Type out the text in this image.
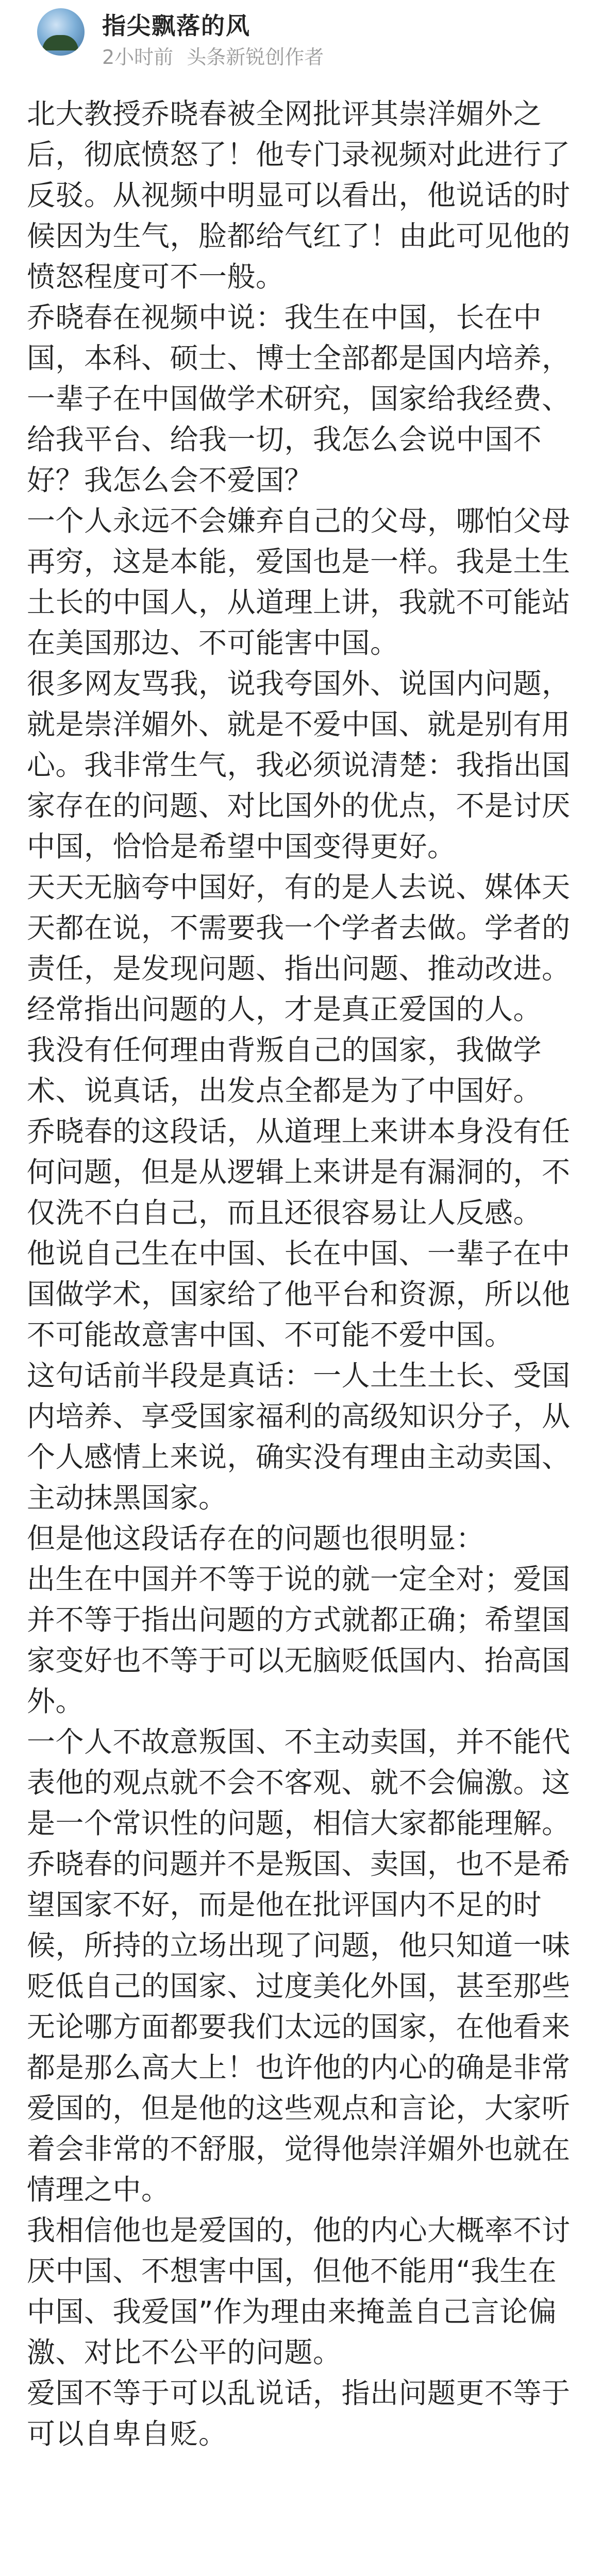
指尖飘落的风
2小时前 头条新锐创作者

北大教授乔晓春被全网批评其崇洋媚外之后，彻底愤怒了！他专门录视频对此进行了反驳。从视频中明显可以看出，他说话的时候因为生气，脸都给气红了！由此可见他的愤怒程度可不一般。

乔晓春在视频中说：我生在中国，长在中国，本科、硕士、博士全部都是国内培养，一辈子在中国做学术研究，国家给我经费、给我平台、给我一切，我怎么会说中国不好？我怎么会不爱国？

一个人永远不会嫌弃自己的父母，哪怕父母再穷，这是本能，爱国也是一样。我是土生土长的中国人，从道理上讲，我就不可能站在美国那边、不可能害中国。

很多网友骂我，说我夸国外、说国内问题，就是崇洋媚外、就是不爱中国、就是别有用心。我非常生气，我必须说清楚：我指出国家存在的问题、对比国外的优点，不是讨厌中国，恰恰是希望中国变得更好。

天天无脑夸中国好，有的是人去说、媒体天天都在说，不需要我一个学者去做。学者的责任，是发现问题、指出问题、推动改进。经常指出问题的人，才是真正爱国的人。

我没有任何理由背叛自己的国家，我做学术、说真话，出发点全都是为了中国好。

乔晓春的这段话，从道理上来讲本身没有任何问题，但是从逻辑上来讲是有漏洞的，不仅洗不白自己，而且还很容易让人反感。

他说自己生在中国、长在中国、一辈子在中国做学术，国家给了他平台和资源，所以他不可能故意害中国、不可能不爱中国。

这句话前半段是真话：一人土生土长、受国内培养、享受国家福利的高级知识分子，从个人感情上来说，确实没有理由主动卖国、主动抹黑国家。

但是他这段话存在的问题也很明显：

出生在中国并不等于说的就一定全对；爱国并不等于指出问题的方式就都正确；希望国家变好也不等于可以无脑贬低国内、抬高国外。

一个人不故意叛国、不主动卖国，并不能代表他的观点就不会不客观、就不会偏激。这是一个常识性的问题，相信大家都能理解。

乔晓春的问题并不是叛国、卖国，也不是希望国家不好，而是他在批评国内不足的时候，所持的立场出现了问题，他只知道一味贬低自己的国家、过度美化外国，甚至那些无论哪方面都要我们太远的国家，在他看来都是那么高大上！也许他的内心的确是非常爱国的，但是他的这些观点和言论，大家听着会非常的不舒服，觉得他崇洋媚外也就在情理之中。

我相信他也是爱国的，他的内心大概率不讨厌中国、不想害中国，但他不能用“我生在中国、我爱国”作为理由来掩盖自己言论偏激、对比不公平的问题。

爱国不等于可以乱说话，指出问题更不等于可以自卑自贬。
